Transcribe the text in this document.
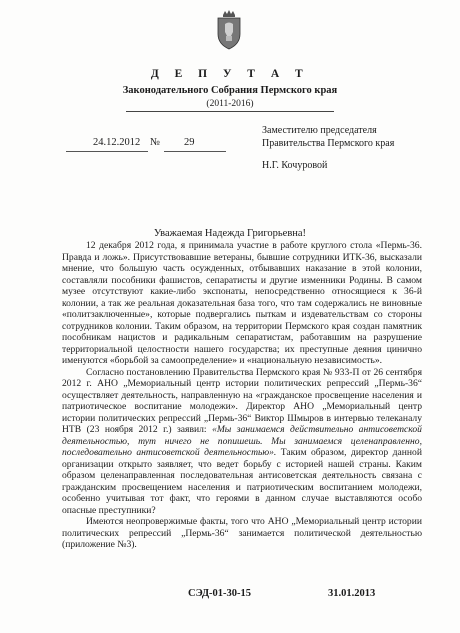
Д Е П У Т А Т
Законодательного Собрания Пермского края
(2011-2016)
24.12.2012 № 29
Заместителю председателя Правительства Пермского края
Н.Г. Кочуровой
Уважаемая Надежда Григорьевна!

12 декабря 2012 года, я принимала участие в работе круглого стола «Пермь-36. Правда и ложь». Присутствовавшие ветераны, бывшие сотрудники ИТК-36, высказали мнение, что большую часть осужденных, отбывавших наказание в этой колонии, составляли пособники фашистов, сепаратисты и другие изменники Родины. В самом музее отсутствуют какие-либо экспонаты, непосредственно относящиеся к 36-й колонии, а так же реальная доказательная база того, что там содержались не виновные «политзаключенные», которые подвергались пыткам и издевательствам со стороны сотрудников колонии. Таким образом, на территории Пермского края создан памятник пособникам нацистов и радикальным сепаратистам, работавшим на разрушение территориальной целостности нашего государства; их преступные деяния цинично именуются «борьбой за самоопределение» и «национальную независимость».

Согласно постановлению Правительства Пермского края № 933-П от 26 сентября 2012 г. АНО „Мемориальный центр истории политических репрессий „Пермь-36“ осуществляет деятельность, направленную на «гражданское просвещение населения и патриотическое воспитание молодежи». Директор АНО „Мемориальный центр истории политических репрессий „Пермь-36“ Виктор Шмыров в интервью телеканалу НТВ (23 ноября 2012 г.) заявил: «Мы занимаемся действительно антисоветской деятельностью, тут ничего не попишешь. Мы занимаемся целенаправленно, последовательно антисоветской деятельностью». Таким образом, директор данной организации открыто заявляет, что ведет борьбу с историей нашей страны. Каким образом целенаправленная последовательная антисоветская деятельность связана с гражданским просвещением населения и патриотическим воспитанием молодежи, особенно учитывая тот факт, что героями в данном случае выставляются особо опасные преступники?

Имеются неопровержимые факты, того что АНО „Мемориальный центр истории политических репрессий „Пермь-36“ занимается политической деятельностью (приложение №3).

СЭД-01-30-15	31.01.2013
